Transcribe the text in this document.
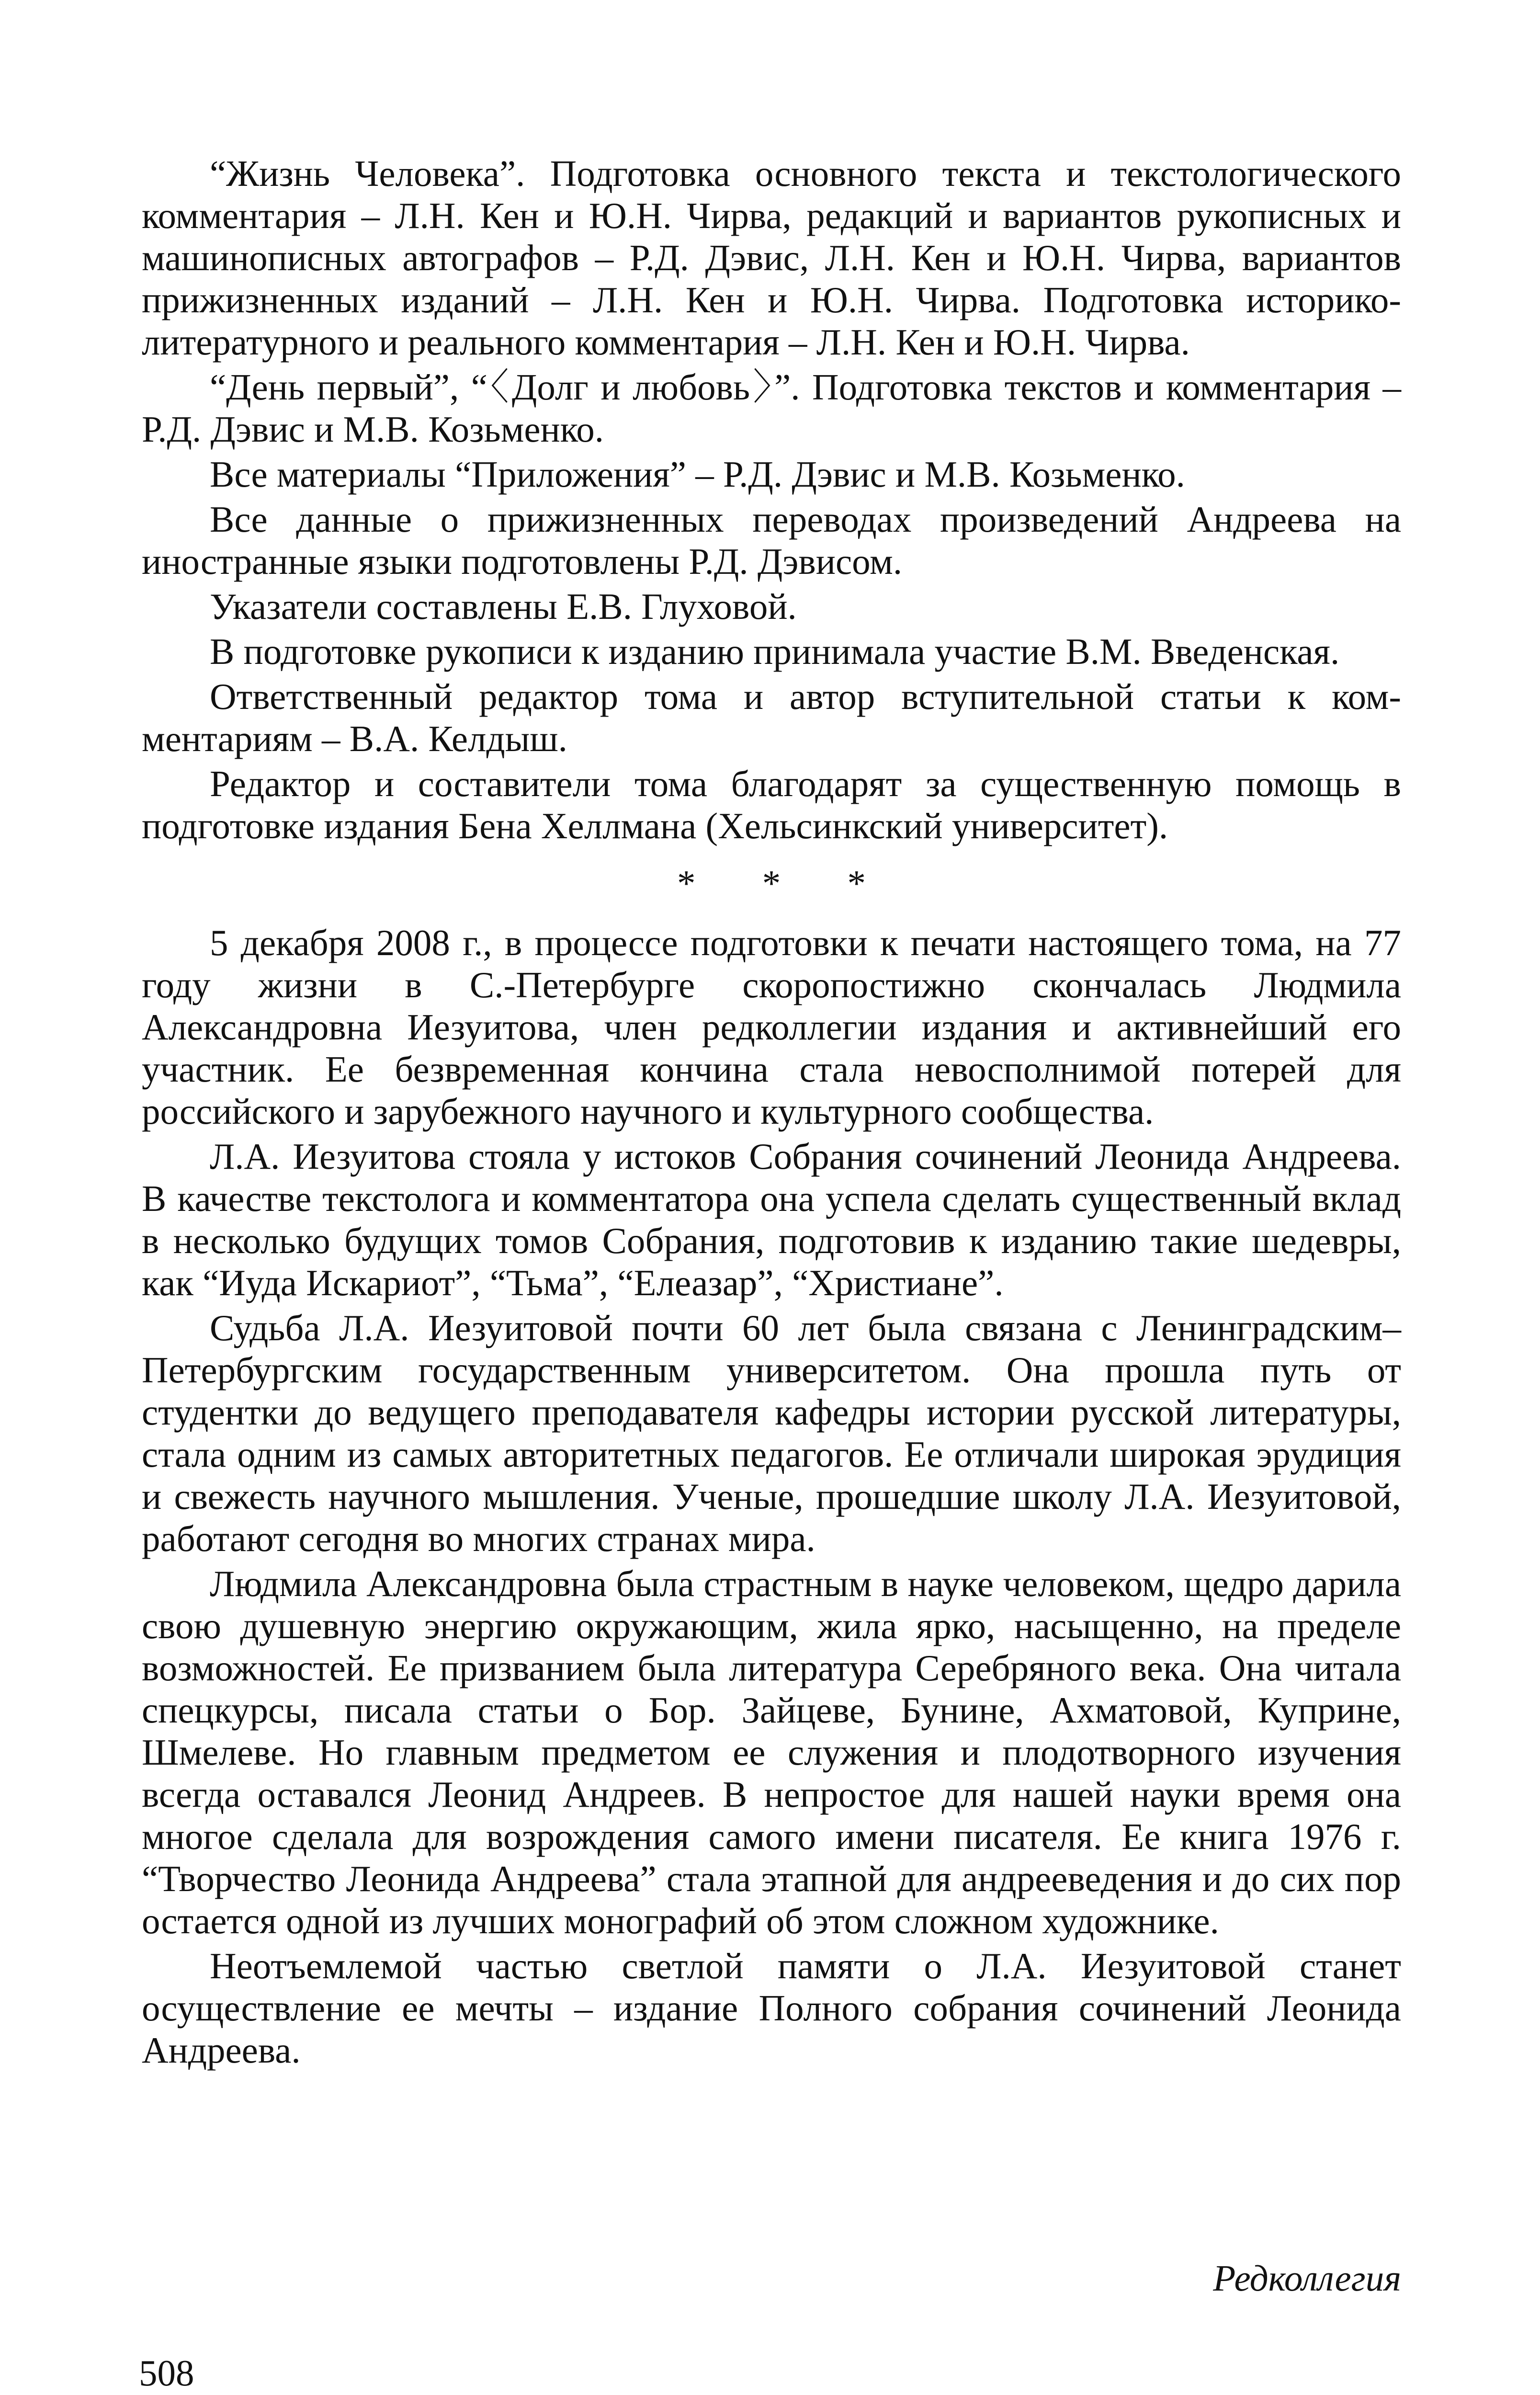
“Жизнь Человека”. Подготовка основного текста и текстологического комментария – Л.Н. Кен и Ю.Н. Чирва, редакций и вариантов рукописных и машинописных автографов – Р.Д. Дэвис, Л.Н. Кен и Ю.Н. Чирва, вариантов прижизненных изданий – Л.Н. Кен и Ю.Н. Чирва. Подготовка историко-литературного и реального комментария – Л.Н. Кен и Ю.Н. Чирва.

“День первый”, “〈Долг и любовь〉”. Подготовка текстов и комментария – Р.Д. Дэвис и М.В. Козьменко.

Все материалы “Приложения” – Р.Д. Дэвис и М.В. Козьменко.

Все данные о прижизненных переводах произведений Андреева на иностранные языки подготовлены Р.Д. Дэвисом.

Указатели составлены Е.В. Глуховой.

В подготовке рукописи к изданию принимала участие В.М. Введенская.

Ответственный редактор тома и автор вступительной статьи к комментариям – В.А. Келдыш.

Редактор и составители тома благодарят за существенную помощь в подготовке издания Бена Хеллмана (Хельсинкский университет).

* * *

5 декабря 2008 г., в процессе подготовки к печати настоящего тома, на 77 году жизни в С.-Петербурге скоропостижно скончалась Людмила Александровна Иезуитова, член редколлегии издания и активнейший его участник. Ее безвременная кончина стала невосполнимой потерей для российского и зарубежного научного и культурного сообщества.

Л.А. Иезуитова стояла у истоков Собрания сочинений Леонида Андреева. В качестве текстолога и комментатора она успела сделать существенный вклад в несколько будущих томов Собрания, подготовив к изданию такие шедевры, как “Иуда Искариот”, “Тьма”, “Елеазар”, “Христиане”.

Судьба Л.А. Иезуитовой почти 60 лет была связана с Ленинградским–Петербургским государственным университетом. Она прошла путь от студентки до ведущего преподавателя кафедры истории русской литературы, стала одним из самых авторитетных педагогов. Ее отличали широкая эрудиция и свежесть научного мышления. Ученые, прошедшие школу Л.А. Иезуитовой, работают сегодня во многих странах мира.

Людмила Александровна была страстным в науке человеком, щедро дарила свою душевную энергию окружающим, жила ярко, насыщенно, на пределе возможностей. Ее призванием была литература Серебряного века. Она читала спецкурсы, писала статьи о Бор. Зайцеве, Бунине, Ахматовой, Куприне, Шмелеве. Но главным предметом ее служения и плодотворного изучения всегда оставался Леонид Андреев. В непростое для нашей науки время она многое сделала для возрождения самого имени писателя. Ее книга 1976 г. “Творчество Леонида Андреева” стала этапной для андрееведения и до сих пор остается одной из лучших монографий об этом сложном художнике.

Неотъемлемой частью светлой памяти о Л.А. Иезуитовой станет осуществление ее мечты – издание Полного собрания сочинений Леонида Андреева.

Редколлегия
508
